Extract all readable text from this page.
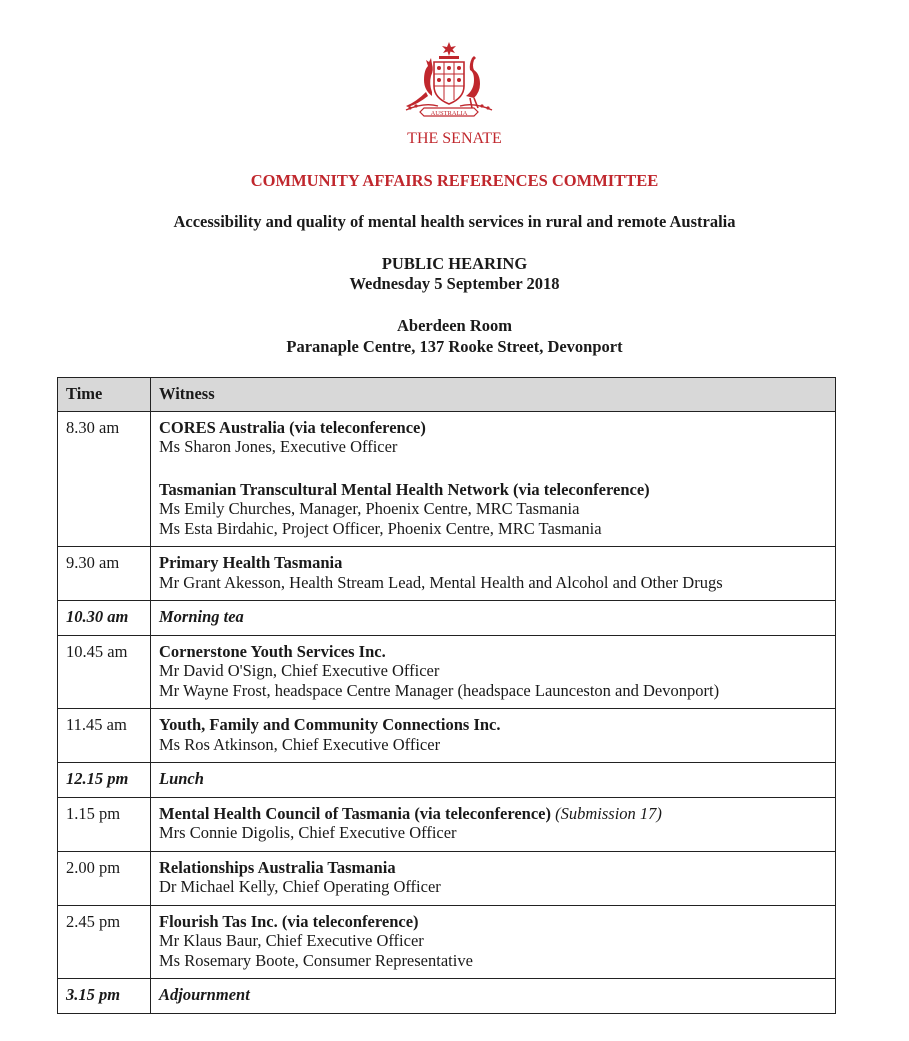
AUSTRALIA
THE SENATE
COMMUNITY AFFAIRS REFERENCES COMMITTEE
Accessibility and quality of mental health services in rural and remote Australia
PUBLIC HEARING
Wednesday 5 September 2018
Aberdeen Room
Paranaple Centre, 137 Rooke Street, Devonport
Time	Witness
8.30 am	CORES Australia (via teleconference)
Ms Sharon Jones, Executive Officer
Tasmanian Transcultural Mental Health Network (via teleconference)
Ms Emily Churches, Manager, Phoenix Centre, MRC Tasmania
Ms Esta Birdahic, Project Officer, Phoenix Centre, MRC Tasmania

9.30 am	Primary Health Tasmania
Mr Grant Akesson, Health Stream Lead, Mental Health and Alcohol and Other Drugs

10.30 am	Morning tea
10.45 am	Cornerstone Youth Services Inc.
Mr David O'Sign, Chief Executive Officer
Mr Wayne Frost, headspace Centre Manager (headspace Launceston and Devonport)

11.45 am	Youth, Family and Community Connections Inc.
Ms Ros Atkinson, Chief Executive Officer

12.15 pm	Lunch
1.15 pm	Mental Health Council of Tasmania (via teleconference) (Submission 17)
Mrs Connie Digolis, Chief Executive Officer

2.00 pm	Relationships Australia Tasmania
Dr Michael Kelly, Chief Operating Officer

2.45 pm	Flourish Tas Inc. (via teleconference)
Mr Klaus Baur, Chief Executive Officer
Ms Rosemary Boote, Consumer Representative

3.15 pm	Adjournment
